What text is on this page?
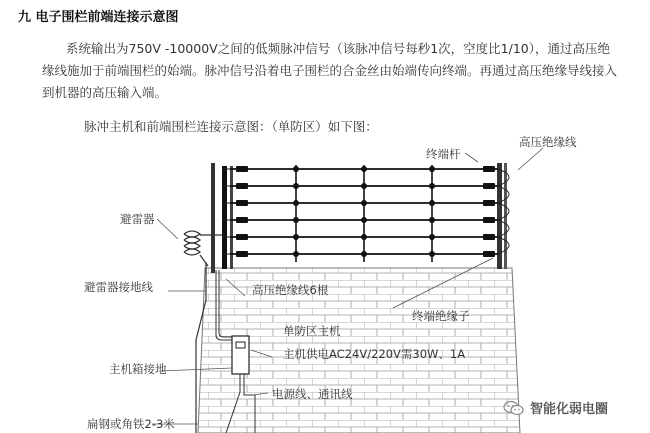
九 电子围栏前端连接示意图
系统输出为750V -10000V之间的低频脉冲信号（该脉冲信号每秒1次，空度比1/10），通过高压绝缘线施加于前端围栏的始端。脉冲信号沿着电子围栏的合金丝由始端传向终端。再通过高压绝缘导线接入到机器的高压输入端。
脉冲主机和前端围栏连接示意图：（单防区）如下图：
终端杆
高压绝缘线
避雷器
避雷器接地线	高压绝缘线6根
终端绝缘子
单防区主机
主机供电AC24V/220V需30W、1A
主机箱接地
电源线、通讯线
扁钢或角铁2-3米
智能化弱电圈
